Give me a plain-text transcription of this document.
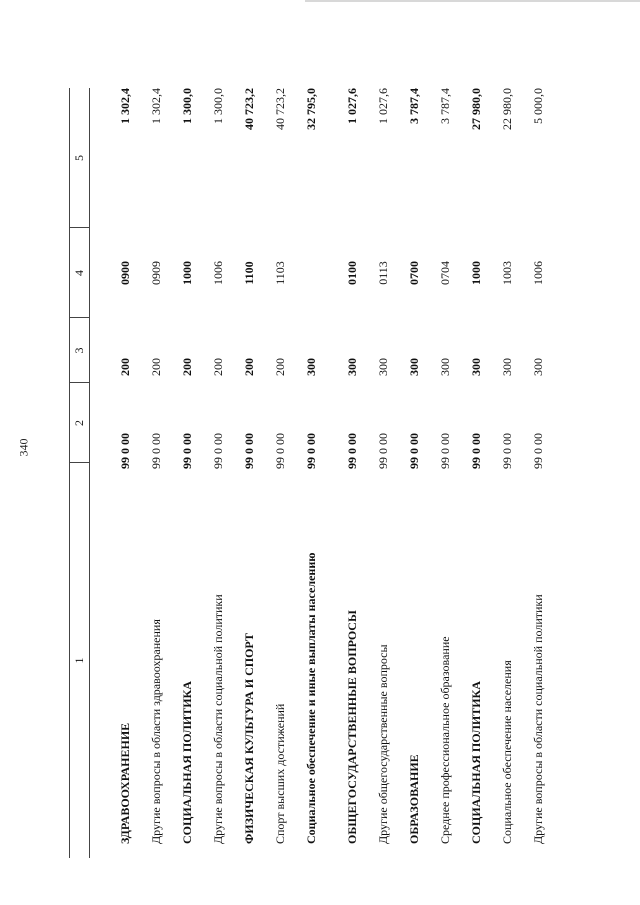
340
1
2
3
4
5
ЗДРАВООХРАНЕНИЕ
99 0 00
200
0900
1 302,4
Другие вопросы в области здравоохранения
99 0 00
200
0909
1 302,4
СОЦИАЛЬНАЯ ПОЛИТИКА
99 0 00
200
1000
1 300,0
Другие вопросы в области социальной политики
99 0 00
200
1006
1 300,0
ФИЗИЧЕСКАЯ КУЛЬТУРА И СПОРТ
99 0 00
200
1100
40 723,2
Спорт высших достижений
99 0 00
200
1103
40 723,2
Социальное обеспечение и иные выплаты населению
99 0 00
300
32 795,0
ОБЩЕГОСУДАРСТВЕННЫЕ ВОПРОСЫ
99 0 00
300
0100
1 027,6
Другие общегосударственные вопросы
99 0 00
300
0113
1 027,6
ОБРАЗОВАНИЕ
99 0 00
300
0700
3 787,4
Среднее профессиональное образование
99 0 00
300
0704
3 787,4
СОЦИАЛЬНАЯ ПОЛИТИКА
99 0 00
300
1000
27 980,0
Социальное обеспечение населения
99 0 00
300
1003
22 980,0
Другие вопросы в области социальной политики
99 0 00
300
1006
5 000,0
